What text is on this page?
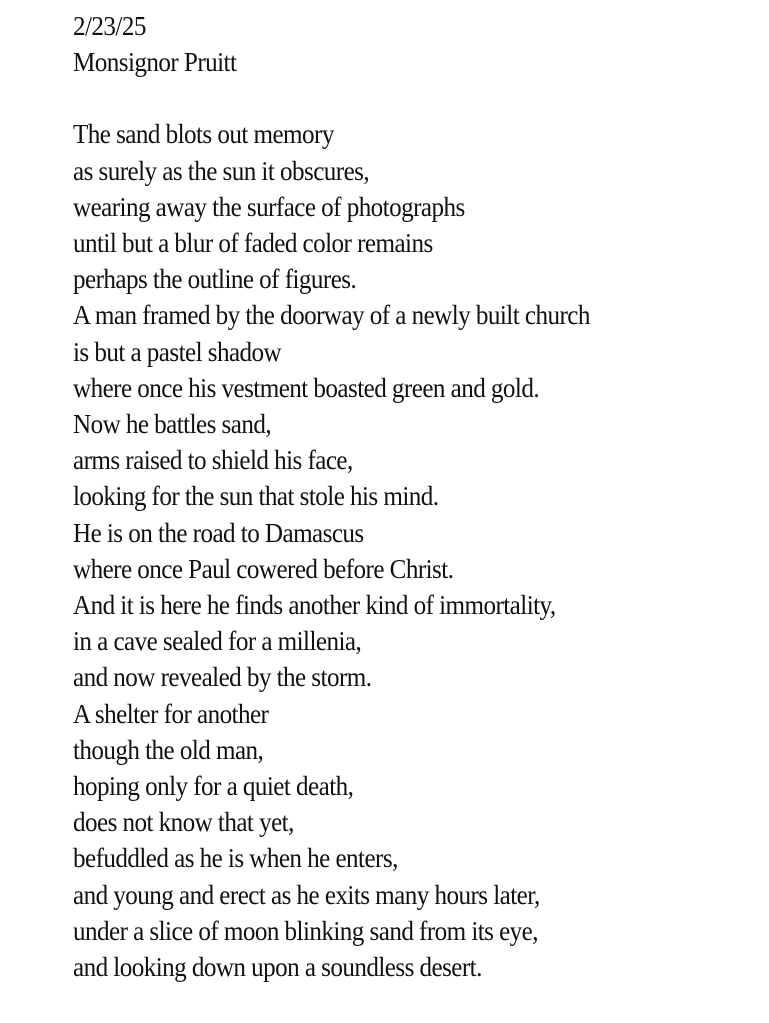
2/23/25
Monsignor Pruitt
The sand blots out memory
as surely as the sun it obscures,
wearing away the surface of photographs
until but a blur of faded color remains
perhaps the outline of figures.
A man framed by the doorway of a newly built church
is but a pastel shadow
where once his vestment boasted green and gold.
Now he battles sand,
arms raised to shield his face,
looking for the sun that stole his mind.
He is on the road to Damascus
where once Paul cowered before Christ.
And it is here he finds another kind of immortality,
in a cave sealed for a millenia,
and now revealed by the storm.
A shelter for another
though the old man,
hoping only for a quiet death,
does not know that yet,
befuddled as he is when he enters,
and young and erect as he exits many hours later,
under a slice of moon blinking sand from its eye,
and looking down upon a soundless desert.
